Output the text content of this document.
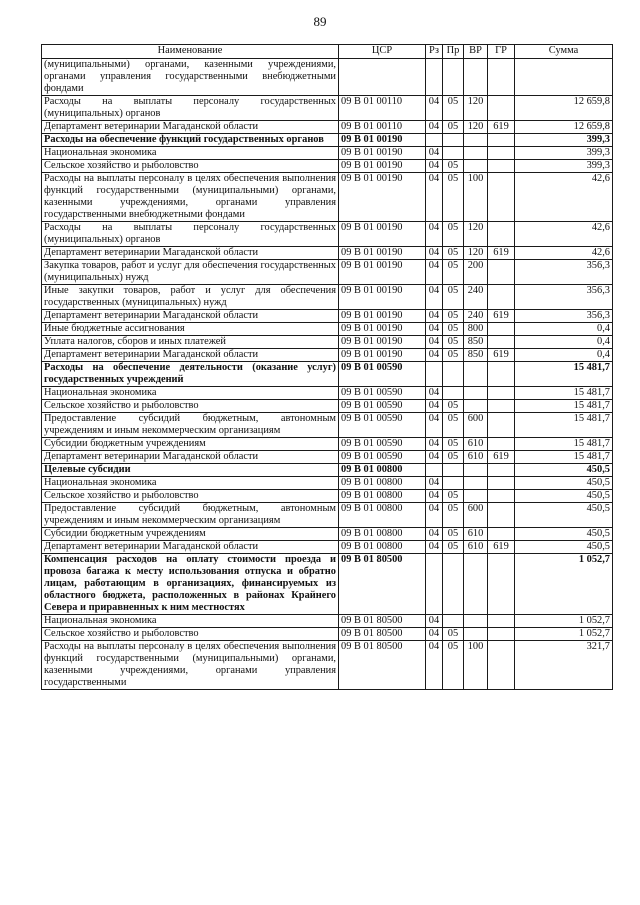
89
Наименование	ЦСР	Рз	Пр	ВР	ГР	Сумма
(муниципальными) органами, казенными учреждениями, органами управления государственными внебюджетными фондами						
Расходы на выплаты персоналу государственных (муниципальных) органов	09 В 01 00110	04	05	120		12 659,8
Департамент ветеринарии Магаданской области	09 В 01 00110	04	05	120	619	12 659,8
Расходы на обеспечение функций государственных органов	09 В 01 00190					399,3
Национальная экономика	09 В 01 00190	04				399,3
Сельское хозяйство и рыболовство	09 В 01 00190	04	05			399,3
Расходы на выплаты персоналу в целях обеспечения выполнения функций государственными (муниципальными) органами, казенными учреждениями, органами управления государственными внебюджетными фондами	09 В 01 00190	04	05	100		42,6
Расходы на выплаты персоналу государственных (муниципальных) органов	09 В 01 00190	04	05	120		42,6
Департамент ветеринарии Магаданской области	09 В 01 00190	04	05	120	619	42,6
Закупка товаров, работ и услуг для обеспечения государственных (муниципальных) нужд	09 В 01 00190	04	05	200		356,3
Иные закупки товаров, работ и услуг для обеспечения государственных (муниципальных) нужд	09 В 01 00190	04	05	240		356,3
Департамент ветеринарии Магаданской области	09 В 01 00190	04	05	240	619	356,3
Иные бюджетные ассигнования	09 В 01 00190	04	05	800		0,4
Уплата налогов, сборов и иных платежей	09 В 01 00190	04	05	850		0,4
Департамент ветеринарии Магаданской области	09 В 01 00190	04	05	850	619	0,4
Расходы на обеспечение деятельности (оказание услуг) государственных учреждений	09 В 01 00590					15 481,7
Национальная экономика	09 В 01 00590	04				15 481,7
Сельское хозяйство и рыболовство	09 В 01 00590	04	05			15 481,7
Предоставление субсидий бюджетным, автономным учреждениям и иным некоммерческим организациям	09 В 01 00590	04	05	600		15 481,7
Субсидии бюджетным учреждениям	09 В 01 00590	04	05	610		15 481,7
Департамент ветеринарии Магаданской области	09 В 01 00590	04	05	610	619	15 481,7
Целевые субсидии	09 В 01 00800					450,5
Национальная экономика	09 В 01 00800	04				450,5
Сельское хозяйство и рыболовство	09 В 01 00800	04	05			450,5
Предоставление субсидий бюджетным, автономным учреждениям и иным некоммерческим организациям	09 В 01 00800	04	05	600		450,5
Субсидии бюджетным учреждениям	09 В 01 00800	04	05	610		450,5
Департамент ветеринарии Магаданской области	09 В 01 00800	04	05	610	619	450,5
Компенсация расходов на оплату стоимости проезда и провоза багажа к месту использования отпуска и обратно лицам, работающим в организациях, финансируемых из областного бюджета, расположенных в районах Крайнего Севера и приравненных к ним местностях	09 В 01 80500					1 052,7
Национальная экономика	09 В 01 80500	04				1 052,7
Сельское хозяйство и рыболовство	09 В 01 80500	04	05			1 052,7
Расходы на выплаты персоналу в целях обеспечения выполнения функций государственными (муниципальными) органами, казенными учреждениями, органами управления государственными	09 В 01 80500	04	05	100		321,7
